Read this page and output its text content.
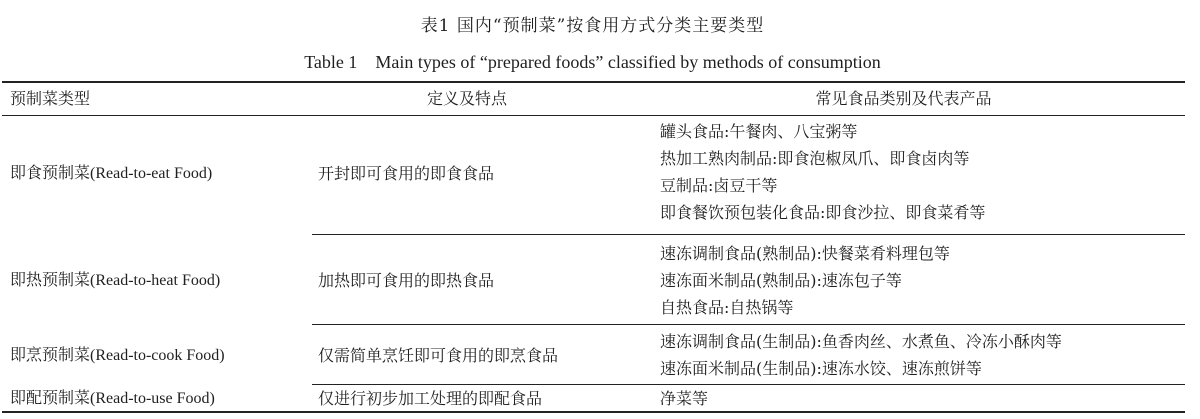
表1 国内“预制菜”按食用方式分类主要类型
Table 1 Main types of “prepared foods” classified by methods of consumption
预制菜类型	定义及特点	常见食品类别及代表产品
即食预制菜(Read-to-eat Food)	开封即可食用的即食食品
罐头食品:午餐肉、八宝粥等
热加工熟肉制品:即食泡椒凤爪、即食卤肉等
豆制品:卤豆干等
即食餐饮预包装化食品:即食沙拉、即食菜肴等
即热预制菜(Read-to-heat Food)	加热即可食用的即热食品
速冻调制食品(熟制品):快餐菜肴料理包等
速冻面米制品(熟制品):速冻包子等
自热食品:自热锅等
即烹预制菜(Read-to-cook Food)	仅需简单烹饪即可食用的即烹食品
速冻调制食品(生制品):鱼香肉丝、水煮鱼、冷冻小酥肉等
速冻面米制品(生制品):速冻水饺、速冻煎饼等
即配预制菜(Read-to-use Food)	仅进行初步加工处理的即配食品	净菜等
